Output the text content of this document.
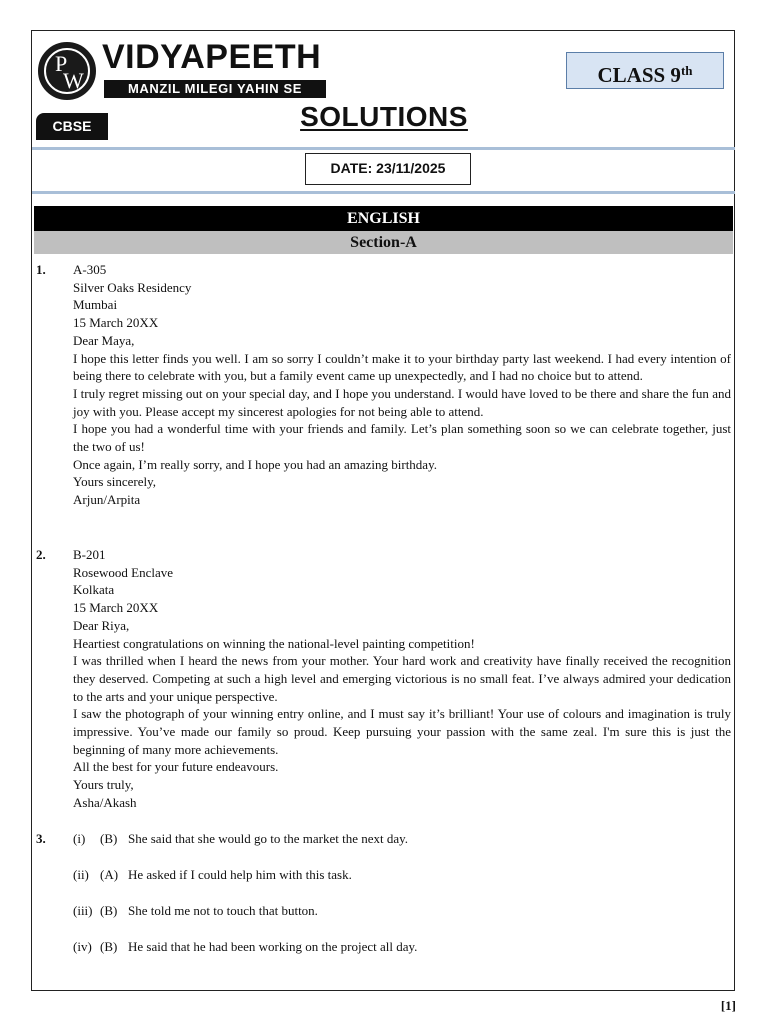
P
W
VIDYAPEETH
MANZIL MILEGI YAHIN SE
CBSE
CLASS 9th
SOLUTIONS
DATE: 23/11/2025
ENGLISH
Section-A
1. A-305

Silver Oaks Residency

Mumbai

15 March 20XX

Dear Maya,

I hope this letter finds you well. I am so sorry I couldn’t make it to your birthday party last weekend. I had every intention of being there to celebrate with you, but a family event came up unexpectedly, and I had no choice but to attend.

I truly regret missing out on your special day, and I hope you understand. I would have loved to be there and share the fun and joy with you. Please accept my sincerest apologies for not being able to attend.

I hope you had a wonderful time with your friends and family. Let’s plan something soon so we can celebrate together, just the two of us!

Once again, I’m really sorry, and I hope you had an amazing birthday.

Yours sincerely,

Arjun/Arpita

2. B-201

Rosewood Enclave

Kolkata

15 March 20XX

Dear Riya,

Heartiest congratulations on winning the national-level painting competition!

I was thrilled when I heard the news from your mother. Your hard work and creativity have finally received the recognition they deserved. Competing at such a high level and emerging victorious is no small feat. I’ve always admired your dedication to the arts and your unique perspective.

I saw the photograph of your winning entry online, and I must say it’s brilliant! Your use of colours and imagination is truly impressive. You’ve made our family so proud. Keep pursuing your passion with the same zeal. I'm sure this is just the beginning of many more achievements.

All the best for your future endeavours.

Yours truly,

Asha/Akash

3. (i) (B) She said that she would go to the market the next day.
(ii) (A) He asked if I could help him with this task.
(iii) (B) She told me not to touch that button.
(iv) (B) He said that he had been working on the project all day.
[1]
